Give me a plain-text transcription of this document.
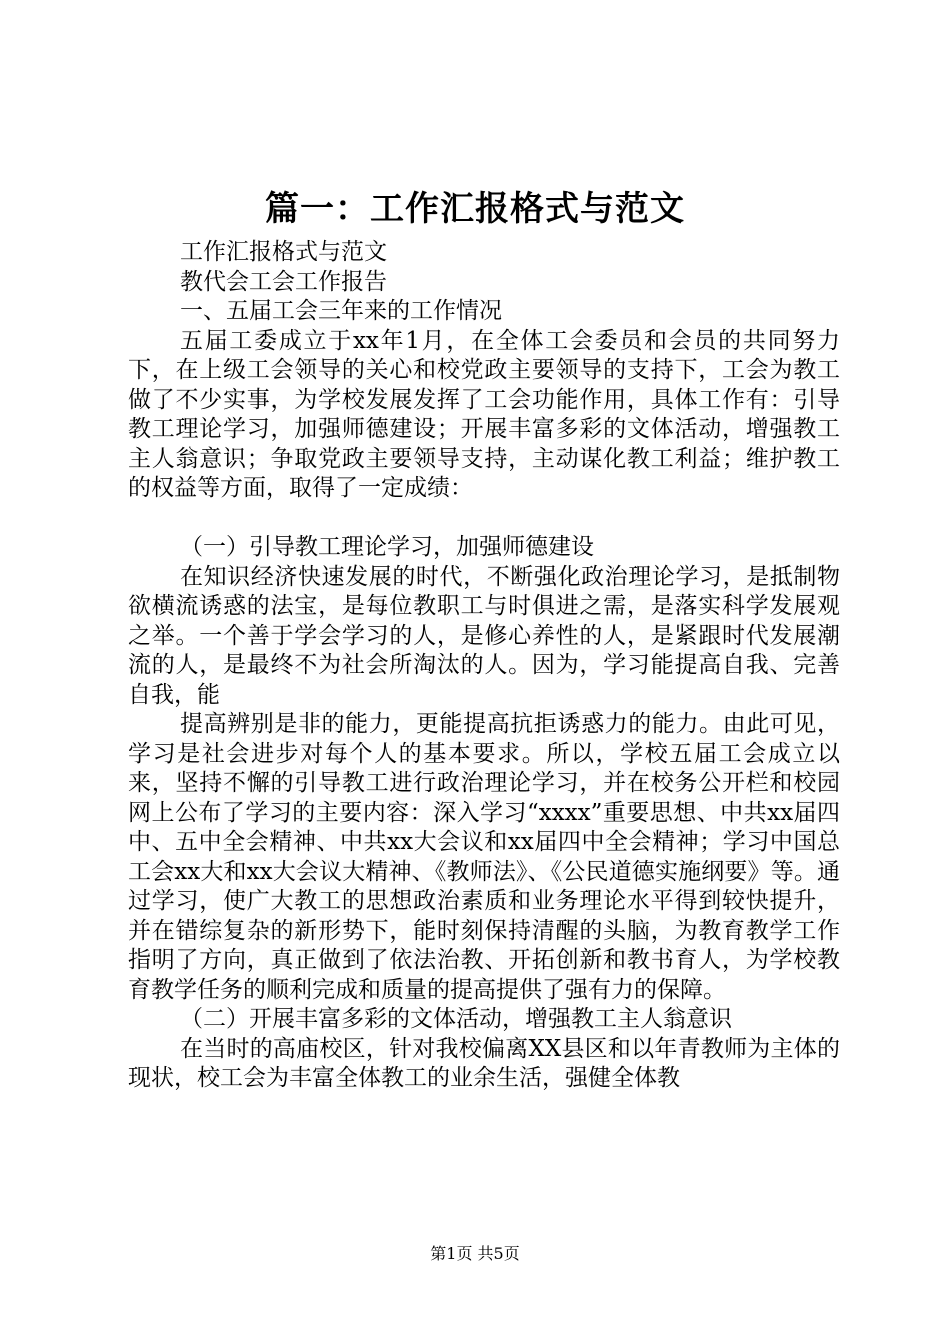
篇一：工作汇报格式与范文

工作汇报格式与范文

教代会工会工作报告

一、五届工会三年来的工作情况

五届工委成立于xx年1月，在全体工会委员和会员的共同努力下，在上级工会领导的关心和校党政主要领导的支持下，工会为教工做了不少实事，为学校发展发挥了工会功能作用，具体工作有：引导教工理论学习，加强师德建设；开展丰富多彩的文体活动，增强教工主人翁意识；争取党政主要领导支持，主动谋化教工利益；维护教工的权益等方面，取得了一定成绩：

（一）引导教工理论学习，加强师德建设

在知识经济快速发展的时代，不断强化政治理论学习，是抵制物欲横流诱惑的法宝，是每位教职工与时俱进之需，是落实科学发展观之举。一个善于学会学习的人，是修心养性的人，是紧跟时代发展潮流的人，是最终不为社会所淘汰的人。因为，学习能提高自我、完善自我，能

提高辨别是非的能力，更能提高抗拒诱惑力的能力。由此可见，学习是社会进步对每个人的基本要求。所以，学校五届工会成立以来，坚持不懈的引导教工进行政治理论学习，并在校务公开栏和校园网上公布了学习的主要内容：深入学习“xxxx”重要思想、中共xx届四中、五中全会精神、中共xx大会议和xx届四中全会精神；学习中国总工会xx大和xx大会议大精神、《教师法》、《公民道德实施纲要》等。通过学习，使广大教工的思想政治素质和业务理论水平得到较快提升，并在错综复杂的新形势下，能时刻保持清醒的头脑，为教育教学工作指明了方向，真正做到了依法治教、开拓创新和教书育人，为学校教育教学任务的顺利完成和质量的提高提供了强有力的保障。

（二）开展丰富多彩的文体活动，增强教工主人翁意识

在当时的高庙校区，针对我校偏离XX县区和以年青教师为主体的现状，校工会为丰富全体教工的业余生活，强健全体教

第1页 共5页
